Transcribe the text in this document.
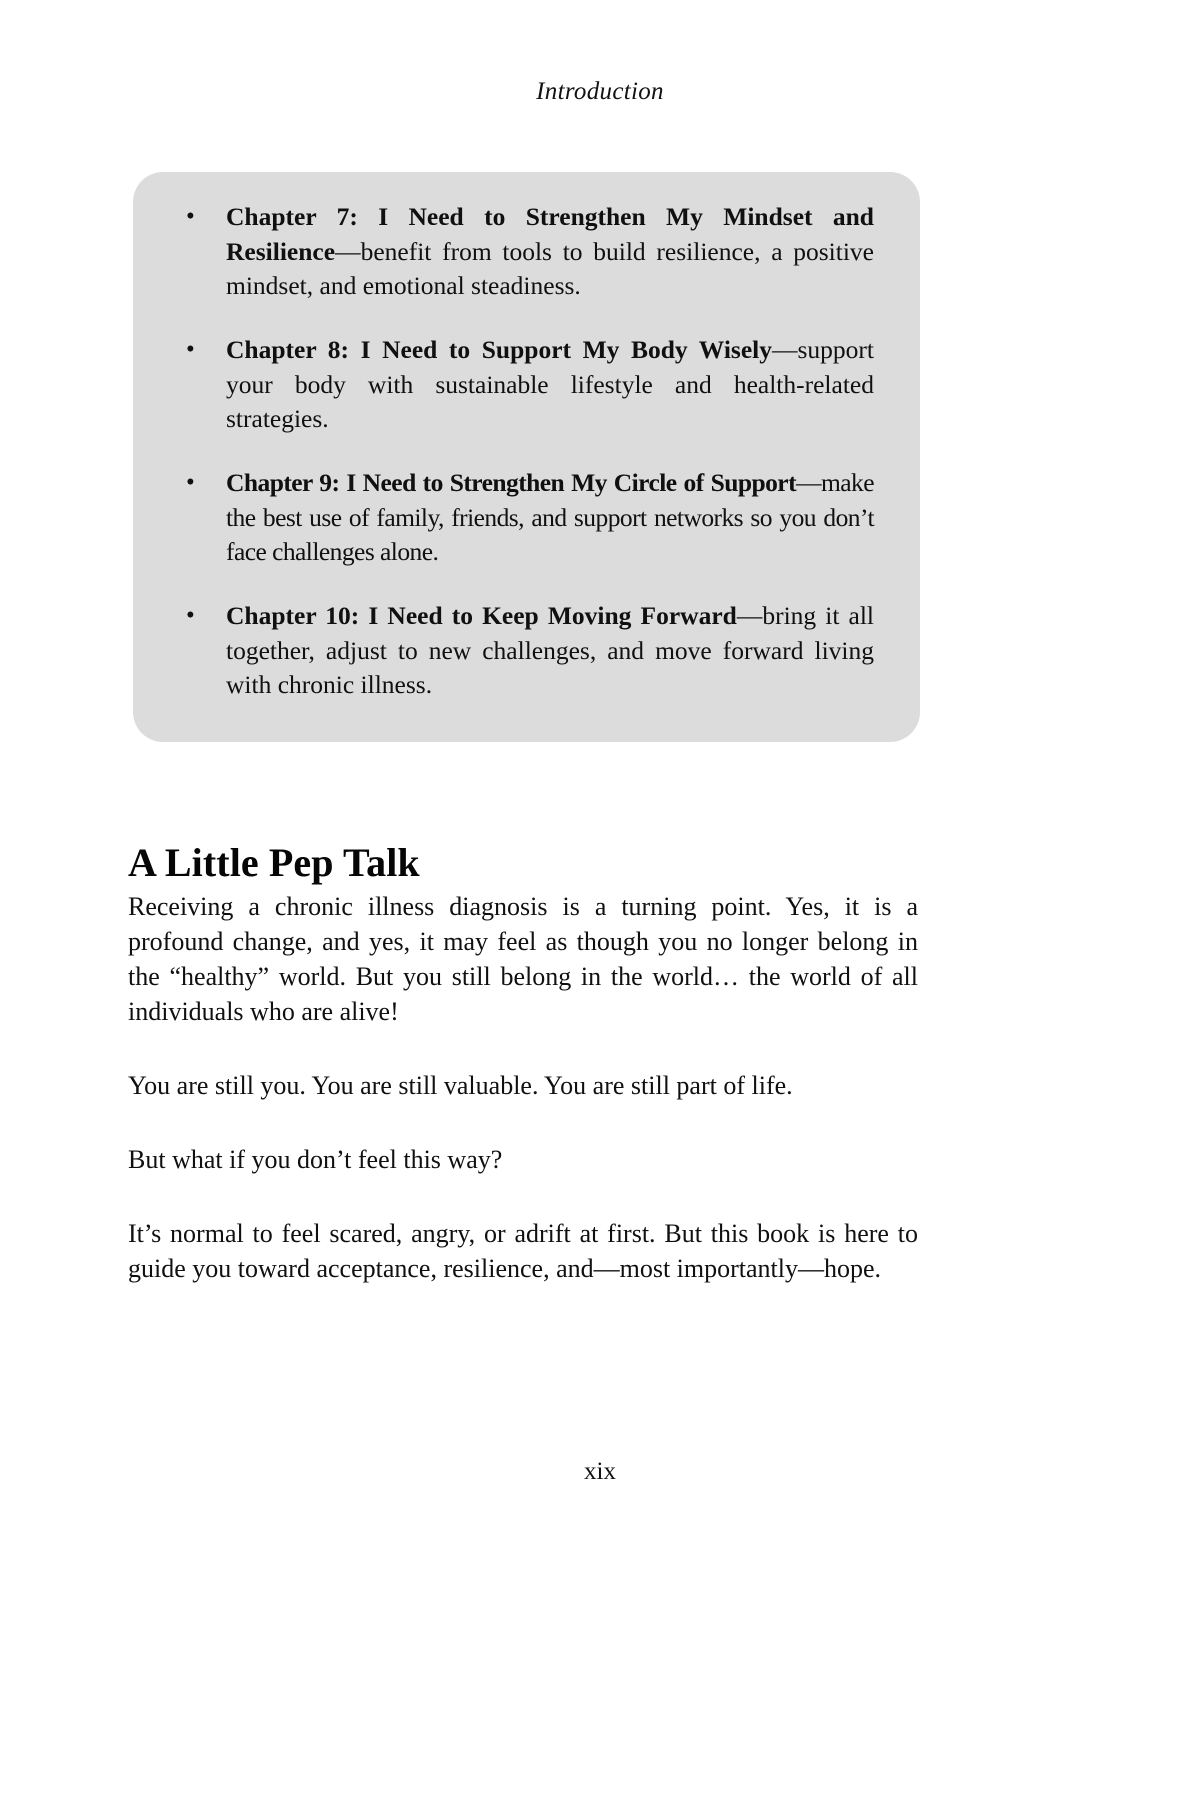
Introduction
• Chapter 7: I Need to Strengthen My Mindset and Resilience—benefit from tools to build resilience, a positive mindset, and emotional steadiness.
• Chapter 8: I Need to Support My Body Wisely—support your body with sustainable lifestyle and health-related strategies.
• Chapter 9: I Need to Strengthen My Circle of Support—make the best use of family, friends, and support networks so you don’t face challenges alone.
• Chapter 10: I Need to Keep Moving Forward—bring it all together, adjust to new challenges, and move forward living with chronic illness.
A Little Pep Talk

Receiving a chronic illness diagnosis is a turning point. Yes, it is a profound change, and yes, it may feel as though you no longer belong in the “healthy” world. But you still belong in the world… the world of all individuals who are alive!

You are still you. You are still valuable. You are still part of life.

But what if you don’t feel this way?

It’s normal to feel scared, angry, or adrift at first. But this book is here to guide you toward acceptance, resilience, and—most importantly—hope.

xix
